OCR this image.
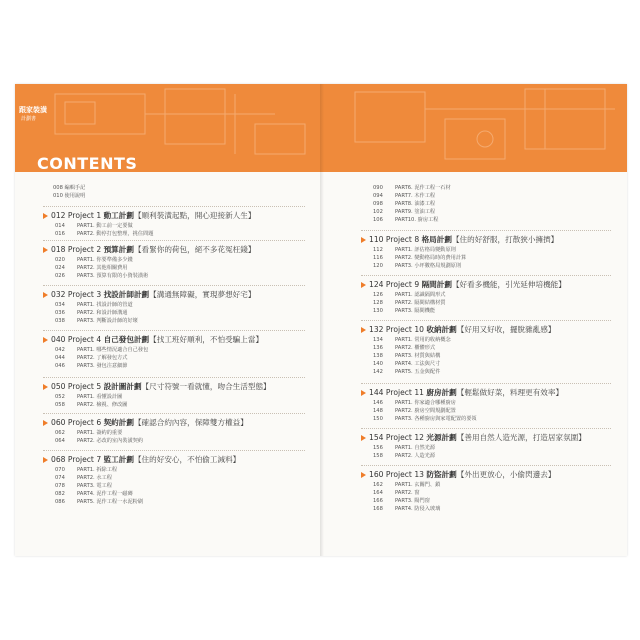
跟家裝潢
計劃書
CONTENTS
008 編輯手記
010 使用說明
012 Project 1 動工計劃【順利裝潢起點，開心迎接新人生】
014 PART1. 動工前一定要做
016 PART2. 動停打包整理，挑住問題
018 Project 2 預算計劃【看緊你的荷包，絕不多花冤枉錢】
020 PART1. 你要準備多少錢
024 PART2. 其他相關費用
026 PART3. 預算有限的小資裝潢術
032 Project 3 找設計師計劃【溝通無障礙，實現夢想好宅】
034 PART1. 找設計師的管道
036 PART2. 和設計師溝通
038 PART3. 判斷設計師的好壞
040 Project 4 自己發包計劃【找工班好順利，不怕受騙上當】
042 PART1. 哪些情況適合自己發包
044 PART2. 了解發包方式
046 PART3. 發包注意細節
050 Project 5 設計圖計劃【尺寸符號一看就懂，吻合生活型態】
052 PART1. 看懂設計圖
058 PART2. 檢視、修改圖
060 Project 6 契約計劃【確認合約內容，保障雙方權益】
062 PART1. 簽約的重要
064 PART2. 必改的室內裝潢契約
068 Project 7 監工計劃【住的好安心，不怕偷工減料】
070 PART1. 拆除工程
074 PART2. 水工程
078 PART3. 電工程
082 PART4. 泥作工程一磁磚
086 PART5. 泥作工程一水泥粉刷
090 PART6. 泥作工程一石材
094 PART7. 木作工程
098 PART8. 油漆工程
102 PART9. 塗油工程
106 PART10. 廚房工程
110 Project 8 格局計劃【住的好舒服，打散狹小擁擠】
112 PART1. 評估格局變動原則
116 PART2. 變動格局時的費用計算
120 PART3. 小坪數格局規劃原則
124 Project 9 隔間計劃【好看多機能，引光延伸培機能】
126 PART1. 認識隔間形式
128 PART2. 隔間結構材質
130 PART3. 隔間機能
132 Project 10 收納計劃【好用又好收，擺脫雜亂感】
134 PART1. 常用的收納概念
136 PART2. 櫃體形式
138 PART3. 材質與結構
140 PART4. 工法與尺寸
142 PART5. 五金與配件
144 Project 11 廚房計劃【輕鬆做好菜，料理更有效率】
146 PART1. 你家適合哪種廚房
148 PART2. 廚房空間規劃配置
150 PART3. 各種廚房與家電配置的要領
154 Project 12 光源計劃【善用自然人造光源，打造居家氛圍】
156 PART1. 自然光源
158 PART2. 人造光源
160 Project 13 防盜計劃【外出更放心，小偷閃邊去】
162 PART1. 玄關門、鎖
164 PART2. 窗
166 PART3. 陽門窗
168 PART4. 防侵入玻璃
